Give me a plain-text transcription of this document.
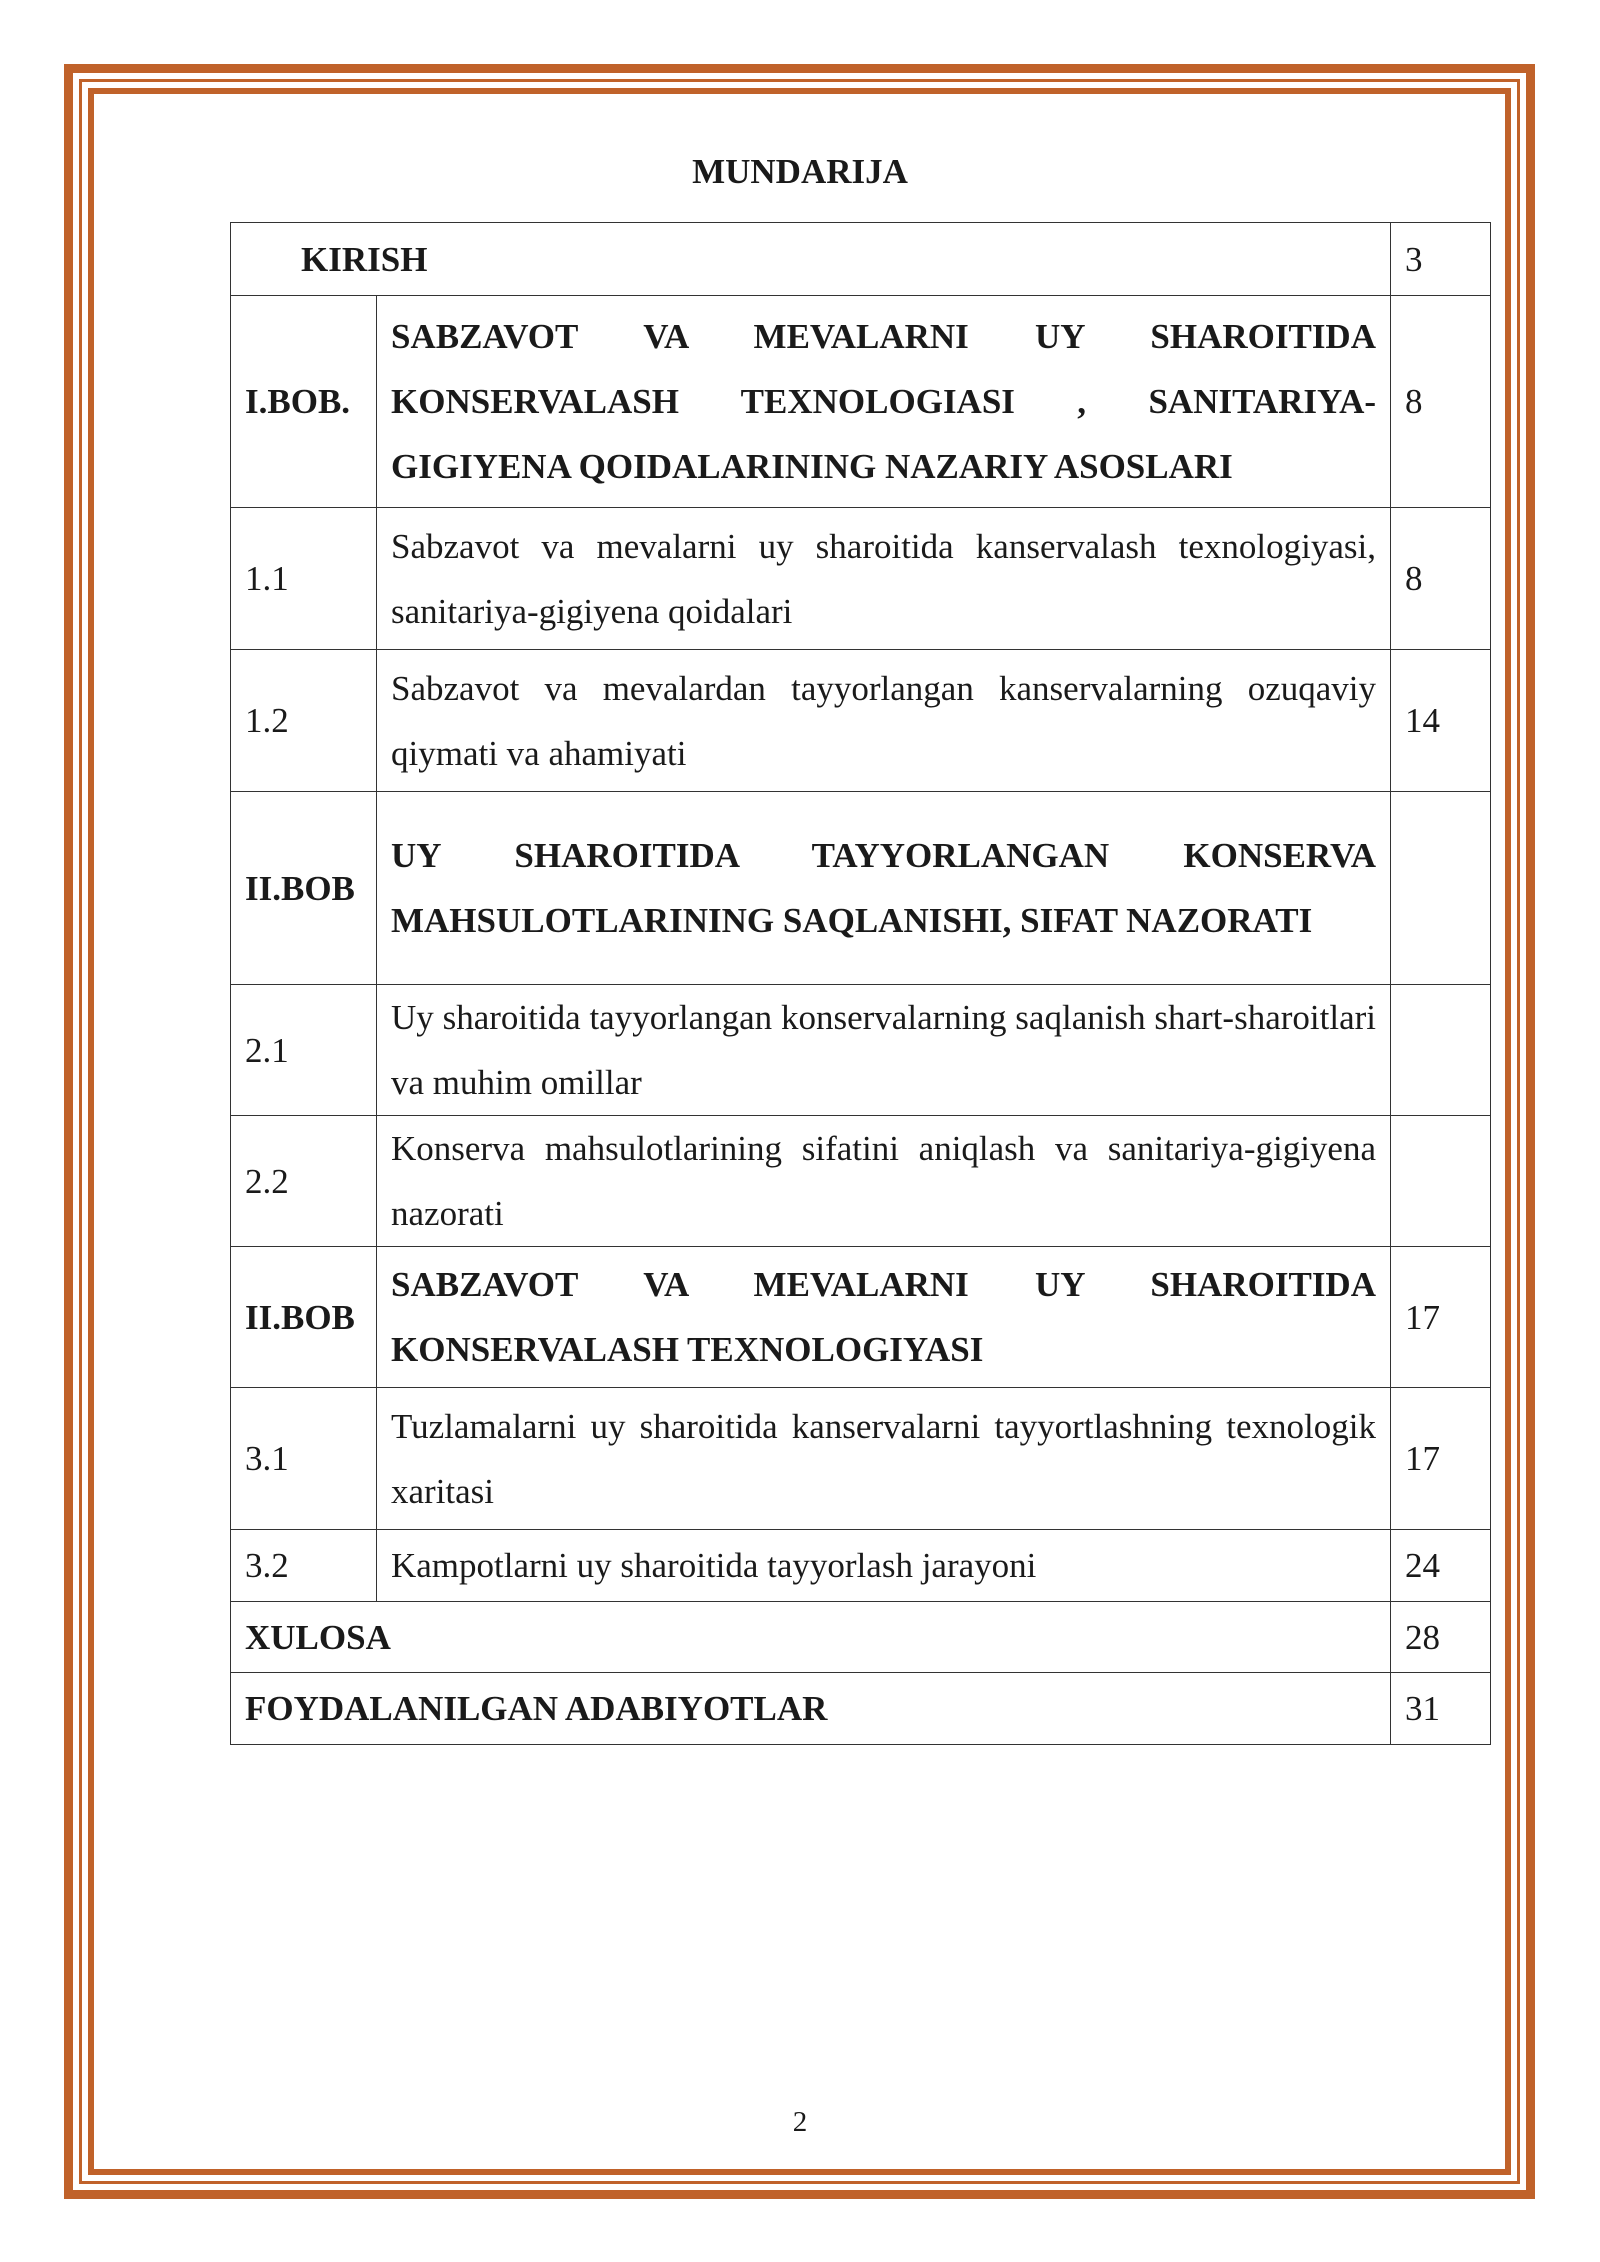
MUNDARIJA
KIRISH		3
I.BOB.	SABZAVOT VA MEVALARNI UY SHAROITIDA KONSERVALASH TEXNOLOGIASI , SANITARIYA-GIGIYENA QOIDALARINING NAZARIY ASOSLARI	8
1.1	Sabzavot va mevalarni uy sharoitida kanservalash texnologiyasi, sanitariya-gigiyena qoidalari	8
1.2	Sabzavot va mevalardan tayyorlangan kanservalarning ozuqaviy qiymati va ahamiyati	14
II.BOB	UY SHAROITIDA TAYYORLANGAN KONSERVA MAHSULOTLARINING SAQLANISHI, SIFAT NAZORATI	
2.1	Uy sharoitida tayyorlangan konservalarning saqlanish shart-sharoitlari va muhim omillar	
2.2	Konserva mahsulotlarining sifatini aniqlash va sanitariya-gigiyena nazorati	
II.BOB	SABZAVOT VA MEVALARNI UY SHAROITIDA KONSERVALASH TEXNOLOGIYASI	17
3.1	Tuzlamalarni uy sharoitida kanservalarni tayyortlashning texnologik xaritasi	17
3.2	Kampotlarni uy sharoitida tayyorlash jarayoni	24
XULOSA		28
FOYDALANILGAN ADABIYOTLAR		31
2
